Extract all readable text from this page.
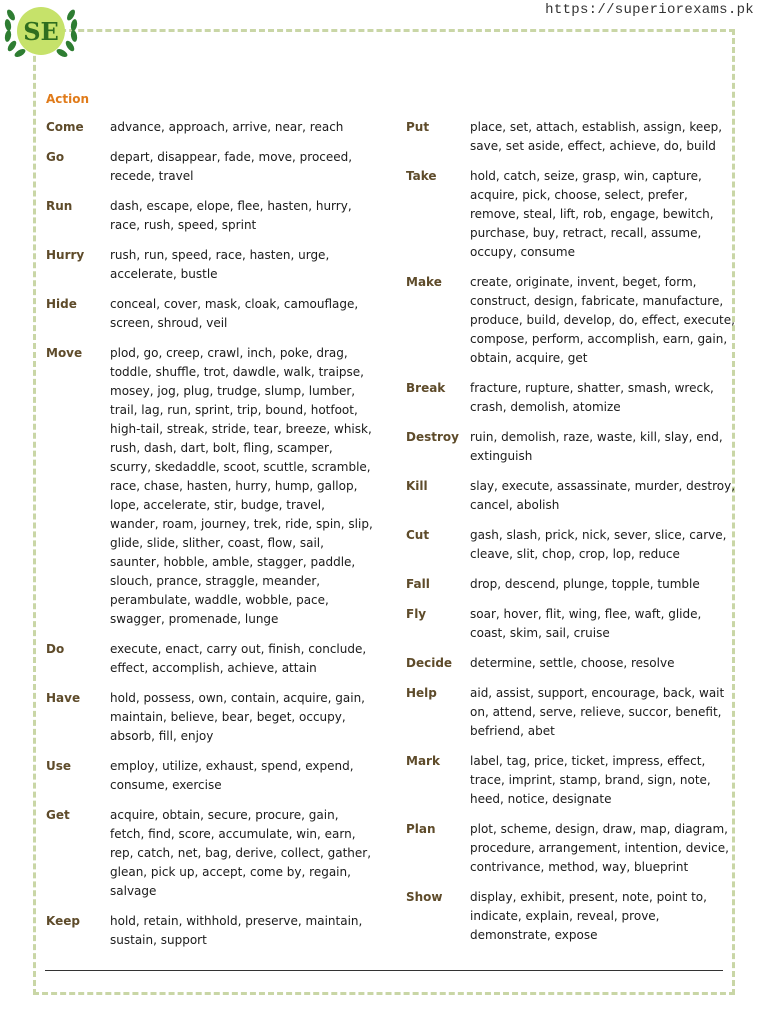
https://superiorexams.pk
SE
Action
Come	advance, approach, arrive, near, reach
Go	depart, disappear, fade, move, proceed, recede, travel
Run	dash, escape, elope, flee, hasten, hurry, race, rush, speed, sprint
Hurry	rush, run, speed, race, hasten, urge, accelerate, bustle
Hide	conceal, cover, mask, cloak, camouflage, screen, shroud, veil
Move	plod, go, creep, crawl, inch, poke, drag, toddle, shuffle, trot, dawdle, walk, traipse, mosey, jog, plug, trudge, slump, lumber, trail, lag, run, sprint, trip, bound, hotfoot, high-tail, streak, stride, tear, breeze, whisk, rush, dash, dart, bolt, fling, scamper, scurry, skedaddle, scoot, scuttle, scramble, race, chase, hasten, hurry, hump, gallop, lope, accelerate, stir, budge, travel, wander, roam, journey, trek, ride, spin, slip, glide, slide, slither, coast, flow, sail, saunter, hobble, amble, stagger, paddle, slouch, prance, straggle, meander, perambulate, waddle, wobble, pace, swagger, promenade, lunge
Do	execute, enact, carry out, finish, conclude, effect, accomplish, achieve, attain
Have	hold, possess, own, contain, acquire, gain, maintain, believe, bear, beget, occupy, absorb, fill, enjoy
Use	employ, utilize, exhaust, spend, expend, consume, exercise
Get	acquire, obtain, secure, procure, gain, fetch, find, score, accumulate, win, earn, rep, catch, net, bag, derive, collect, gather, glean, pick up, accept, come by, regain, salvage
Keep	hold, retain, withhold, preserve, maintain, sustain, support
Put	place, set, attach, establish, assign, keep, save, set aside, effect, achieve, do, build
Take	hold, catch, seize, grasp, win, capture, acquire, pick, choose, select, prefer, remove, steal, lift, rob, engage, bewitch, purchase, buy, retract, recall, assume, occupy, consume
Make	create, originate, invent, beget, form, construct, design, fabricate, manufacture, produce, build, develop, do, effect, execute, compose, perform, accomplish, earn, gain, obtain, acquire, get
Break	fracture, rupture, shatter, smash, wreck, crash, demolish, atomize
Destroy ruin, demolish, raze, waste, kill, slay, end, extinguish
Kill	slay, execute, assassinate, murder, destroy, cancel, abolish
Cut	gash, slash, prick, nick, sever, slice, carve, cleave, slit, chop, crop, lop, reduce
Fall	drop, descend, plunge, topple, tumble
Fly	soar, hover, flit, wing, flee, waft, glide, coast, skim, sail, cruise
Decide	determine, settle, choose, resolve
Help	aid, assist, support, encourage, back, wait on, attend, serve, relieve, succor, benefit, befriend, abet
Mark	label, tag, price, ticket, impress, effect, trace, imprint, stamp, brand, sign, note, heed, notice, designate
Plan	plot, scheme, design, draw, map, diagram, procedure, arrangement, intention, device, contrivance, method, way, blueprint
Show	display, exhibit, present, note, point to, indicate, explain, reveal, prove, demonstrate, expose
